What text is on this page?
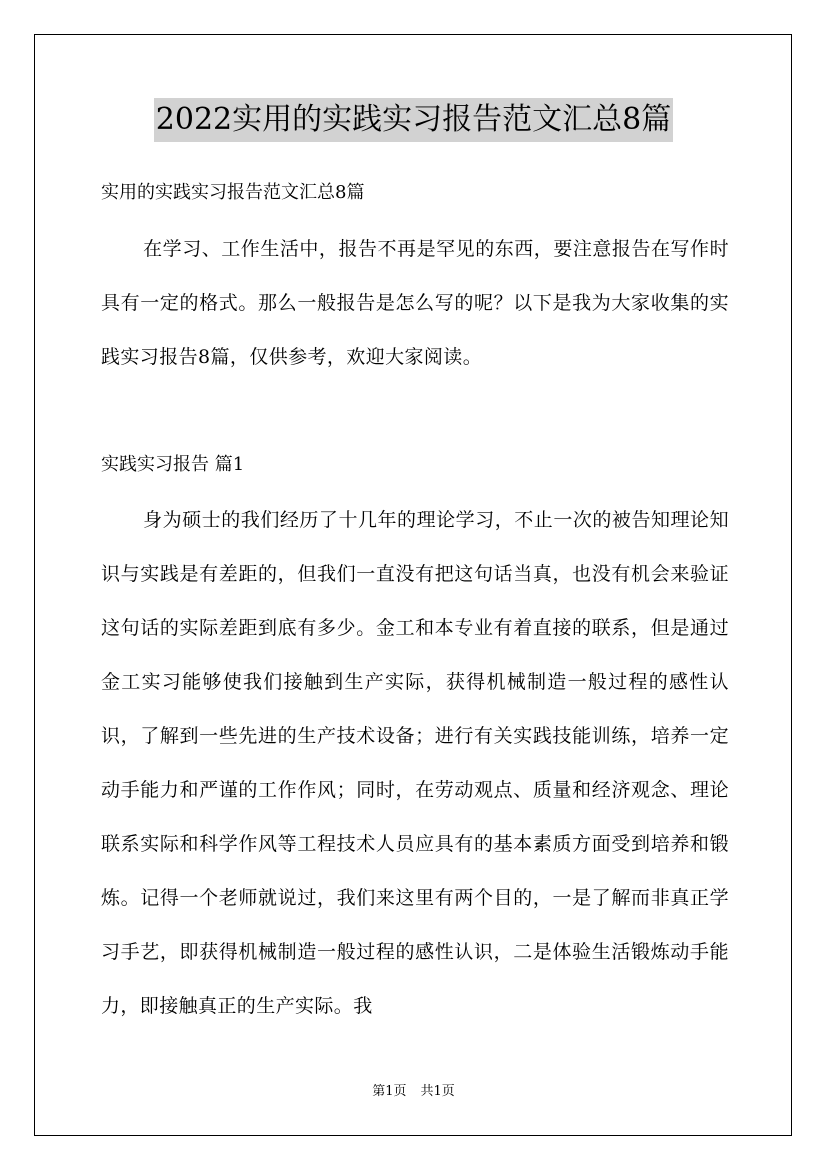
2022实用的实践实习报告范文汇总8篇
实用的实践实习报告范文汇总8篇
在学习、工作生活中，报告不再是罕见的东西，要注意报告在写作时具有一定的格式。那么一般报告是怎么写的呢？以下是我为大家收集的实践实习报告8篇，仅供参考，欢迎大家阅读。
实践实习报告 篇1
身为硕士的我们经历了十几年的理论学习，不止一次的被告知理论知识与实践是有差距的，但我们一直没有把这句话当真，也没有机会来验证这句话的实际差距到底有多少。金工和本专业有着直接的联系，但是通过金工实习能够使我们接触到生产实际，获得机械制造一般过程的感性认识，了解到一些先进的生产技术设备；进行有关实践技能训练，培养一定动手能力和严谨的工作作风；同时，在劳动观点、质量和经济观念、理论联系实际和科学作风等工程技术人员应具有的基本素质方面受到培养和锻炼。记得一个老师就说过，我们来这里有两个目的，一是了解而非真正学习手艺，即获得机械制造一般过程的感性认识，二是体验生活锻炼动手能力，即接触真正的生产实际。我
第1页 共1页
